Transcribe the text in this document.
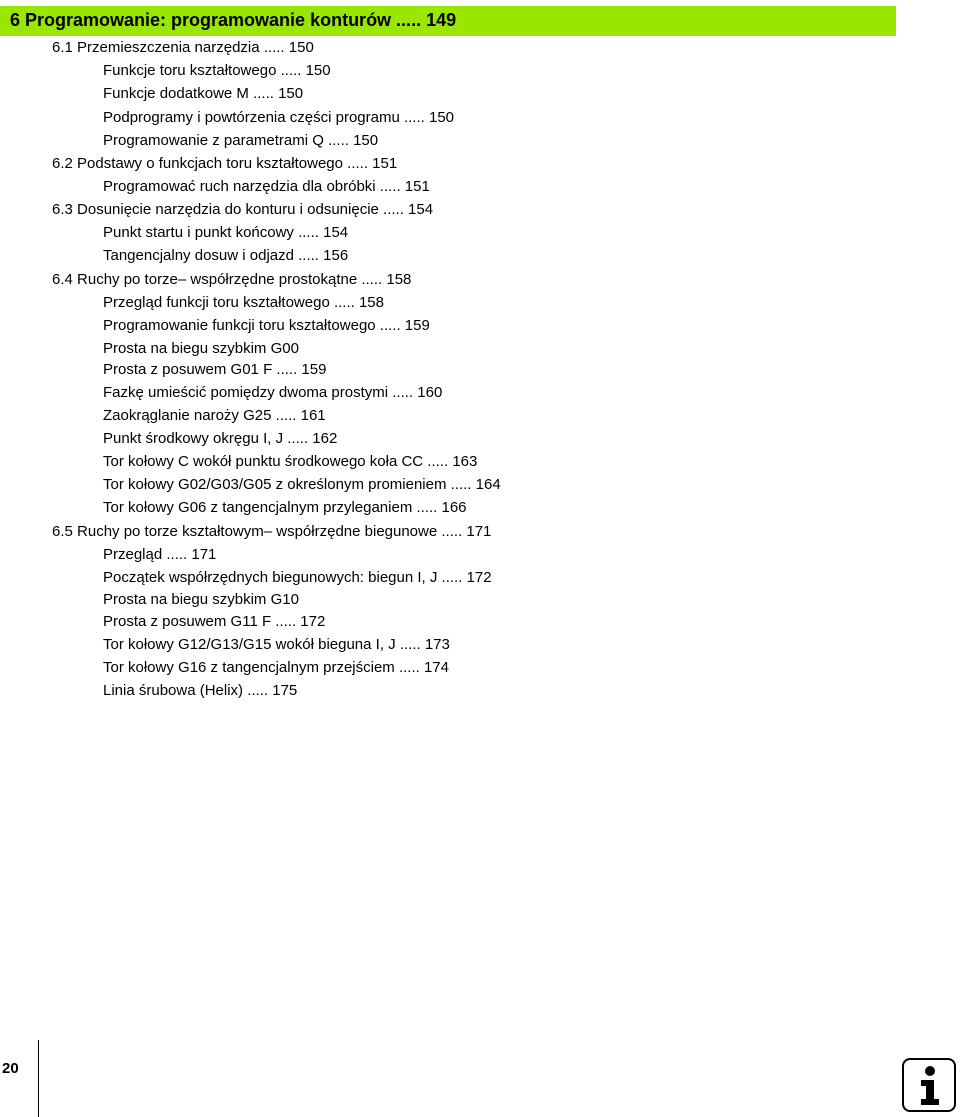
6 Programowanie: programowanie konturów ..... 149
6.1 Przemieszczenia narzędzia ..... 150
Funkcje toru kształtowego ..... 150
Funkcje dodatkowe M ..... 150
Podprogramy i powtórzenia części programu ..... 150
Programowanie z parametrami Q ..... 150
6.2 Podstawy o funkcjach toru kształtowego ..... 151
Programować ruch narzędzia dla obróbki ..... 151
6.3 Dosunięcie narzędzia do konturu i odsunięcie ..... 154
Punkt startu i punkt końcowy ..... 154
Tangencjalny dosuw i odjazd ..... 156
6.4 Ruchy po torze– współrzędne prostokątne ..... 158
Przegląd funkcji toru kształtowego ..... 158
Programowanie funkcji toru kształtowego ..... 159
Prosta na biegu szybkim G00
Prosta z posuwem G01 F ..... 159
Fazkę umieścić pomiędzy dwoma prostymi ..... 160
Zaokrąglanie naroży G25 ..... 161
Punkt środkowy okręgu I, J ..... 162
Tor kołowy C wokół punktu środkowego koła CC ..... 163
Tor kołowy G02/G03/G05 z określonym promieniem ..... 164
Tor kołowy G06 z tangencjalnym przyleganiem ..... 166
6.5 Ruchy po torze kształtowym– współrzędne biegunowe ..... 171
Przegląd ..... 171
Początek współrzędnych biegunowych: biegun I, J ..... 172
Prosta na biegu szybkim G10
Prosta z posuwem G11 F ..... 172
Tor kołowy G12/G13/G15 wokół bieguna I, J ..... 173
Tor kołowy G16 z tangencjalnym przejściem ..... 174
Linia śrubowa (Helix) ..... 175
20
